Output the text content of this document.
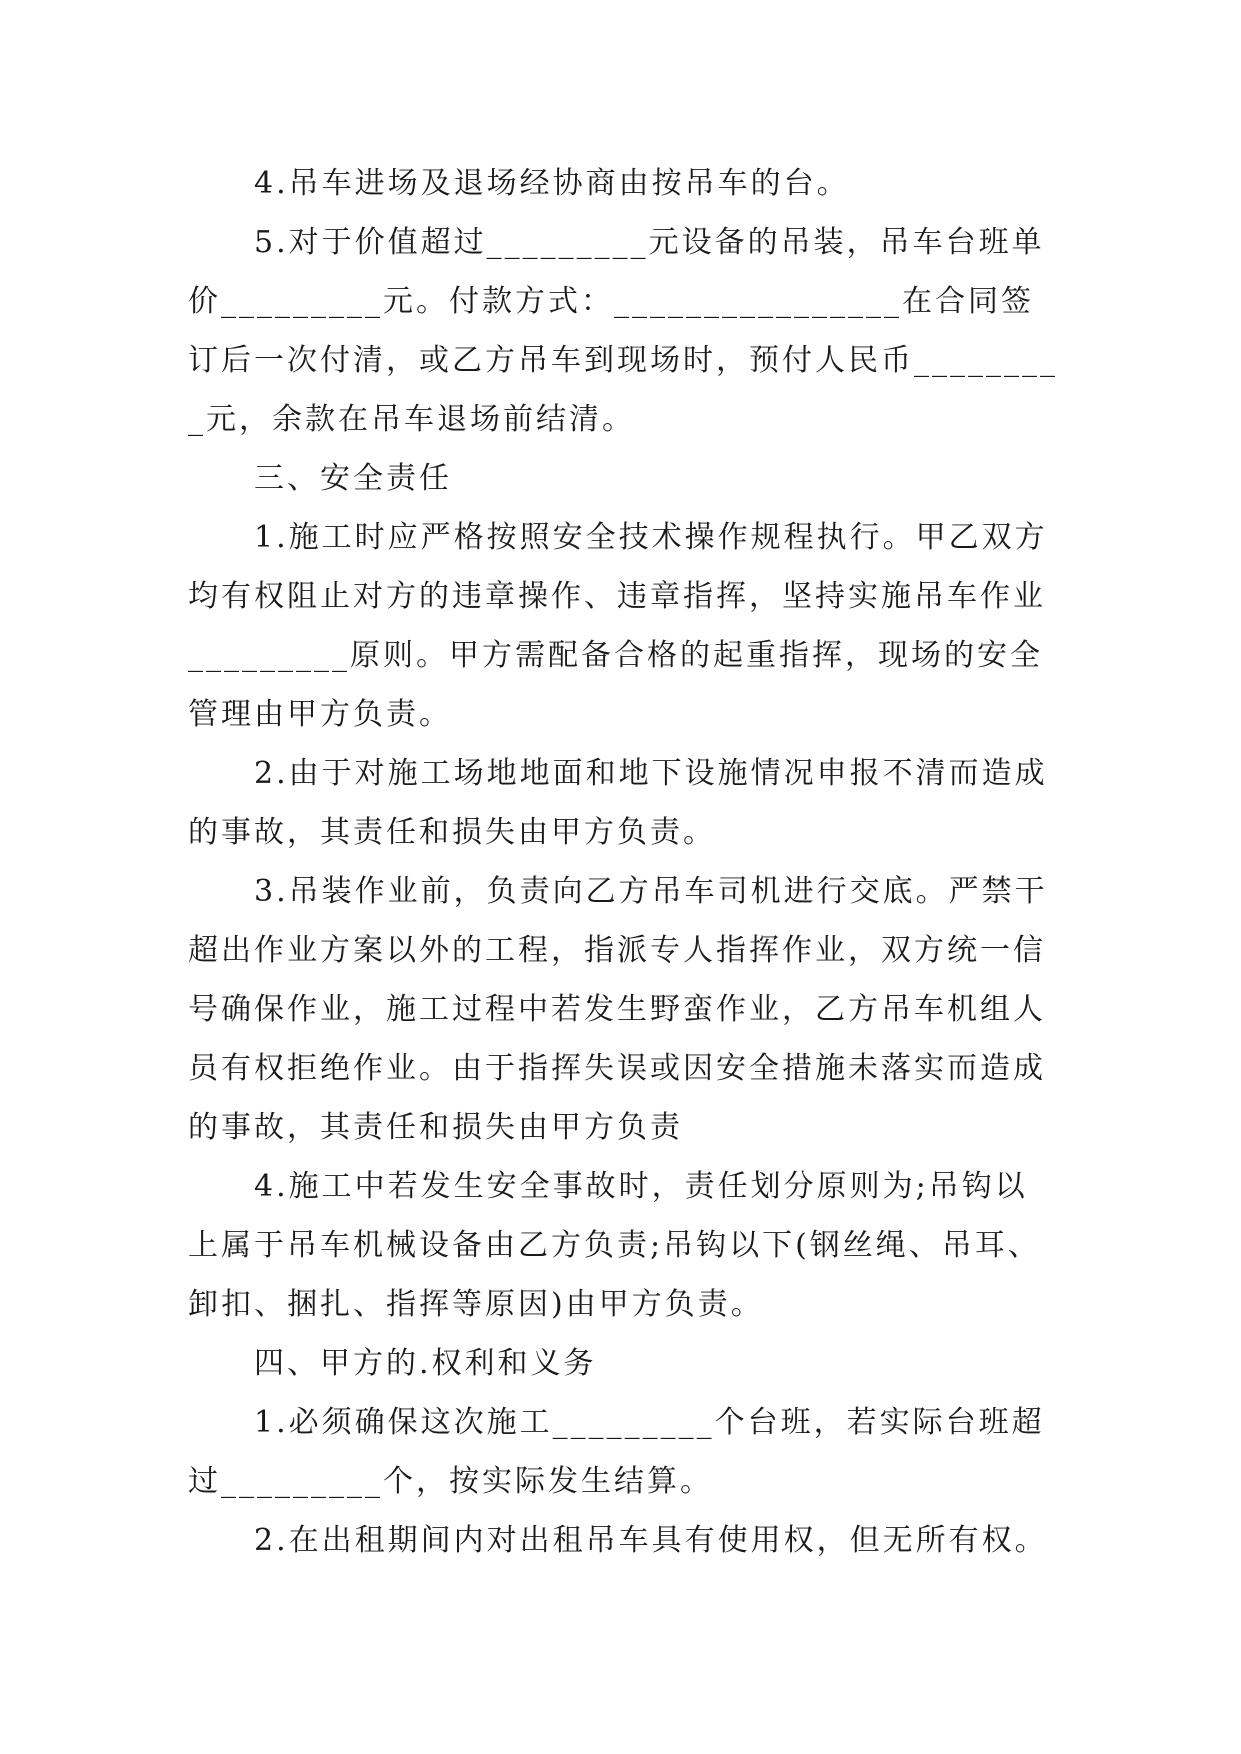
4.吊车进场及退场经协商由按吊车的台。

5.对于价值超过_________元设备的吊装，吊车台班单价_________元。付款方式：________________在合同签订后一次付清，或乙方吊车到现场时，预付人民币_________元，余款在吊车退场前结清。

三、安全责任

1.施工时应严格按照安全技术操作规程执行。甲乙双方均有权阻止对方的违章操作、违章指挥，坚持实施吊车作业_________原则。甲方需配备合格的起重指挥，现场的安全管理由甲方负责。

2.由于对施工场地地面和地下设施情况申报不清而造成的事故，其责任和损失由甲方负责。

3.吊装作业前，负责向乙方吊车司机进行交底。严禁干超出作业方案以外的工程，指派专人指挥作业，双方统一信号确保作业，施工过程中若发生野蛮作业，乙方吊车机组人员有权拒绝作业。由于指挥失误或因安全措施未落实而造成的事故，其责任和损失由甲方负责

4.施工中若发生安全事故时，责任划分原则为;吊钩以上属于吊车机械设备由乙方负责;吊钩以下(钢丝绳、吊耳、卸扣、捆扎、指挥等原因)由甲方负责。

四、甲方的.权利和义务

1.必须确保这次施工_________个台班，若实际台班超过_________个，按实际发生结算。

2.在出租期间内对出租吊车具有使用权，但无所有权。
